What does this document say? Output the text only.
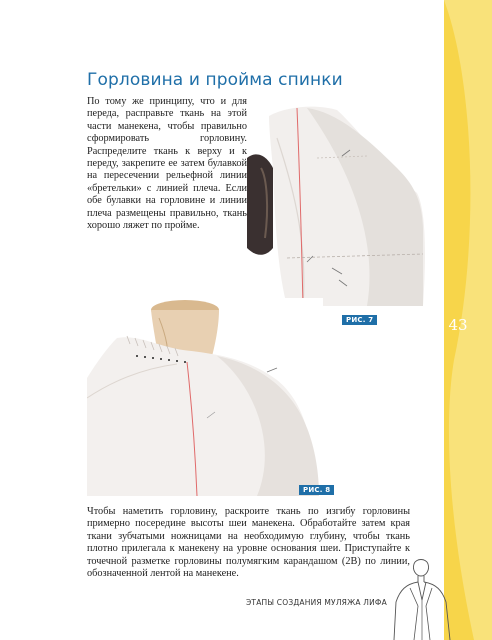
43
Горловина и пройма спинки

По тому же принципу, что и для переда, расправьте ткань на этой части манекена, чтобы правильно сформировать горловину. Распределите ткань к верху и к переду, закрепите ее затем булавкой на пересечении рельефной линии «бретельки» с линией плеча. Если обе булавки на горловине и линии плеча размещены правильно, ткань хорошо ляжет по пройме.

РИС. 7
РИС. 8

Чтобы наметить горловину, раскроите ткань по изгибу горловины примерно посередине высоты шеи манекена. Обработайте затем края ткани зубчатыми ножницами на необходимую глубину, чтобы ткань плотно прилегала к манекену на уровне основания шеи. Приступайте к точечной разметке горловины полумягким карандашом (2В) по линии, обозначенной лентой на манекене.

ЭТАПЫ СОЗДАНИЯ МУЛЯЖА ЛИФА
